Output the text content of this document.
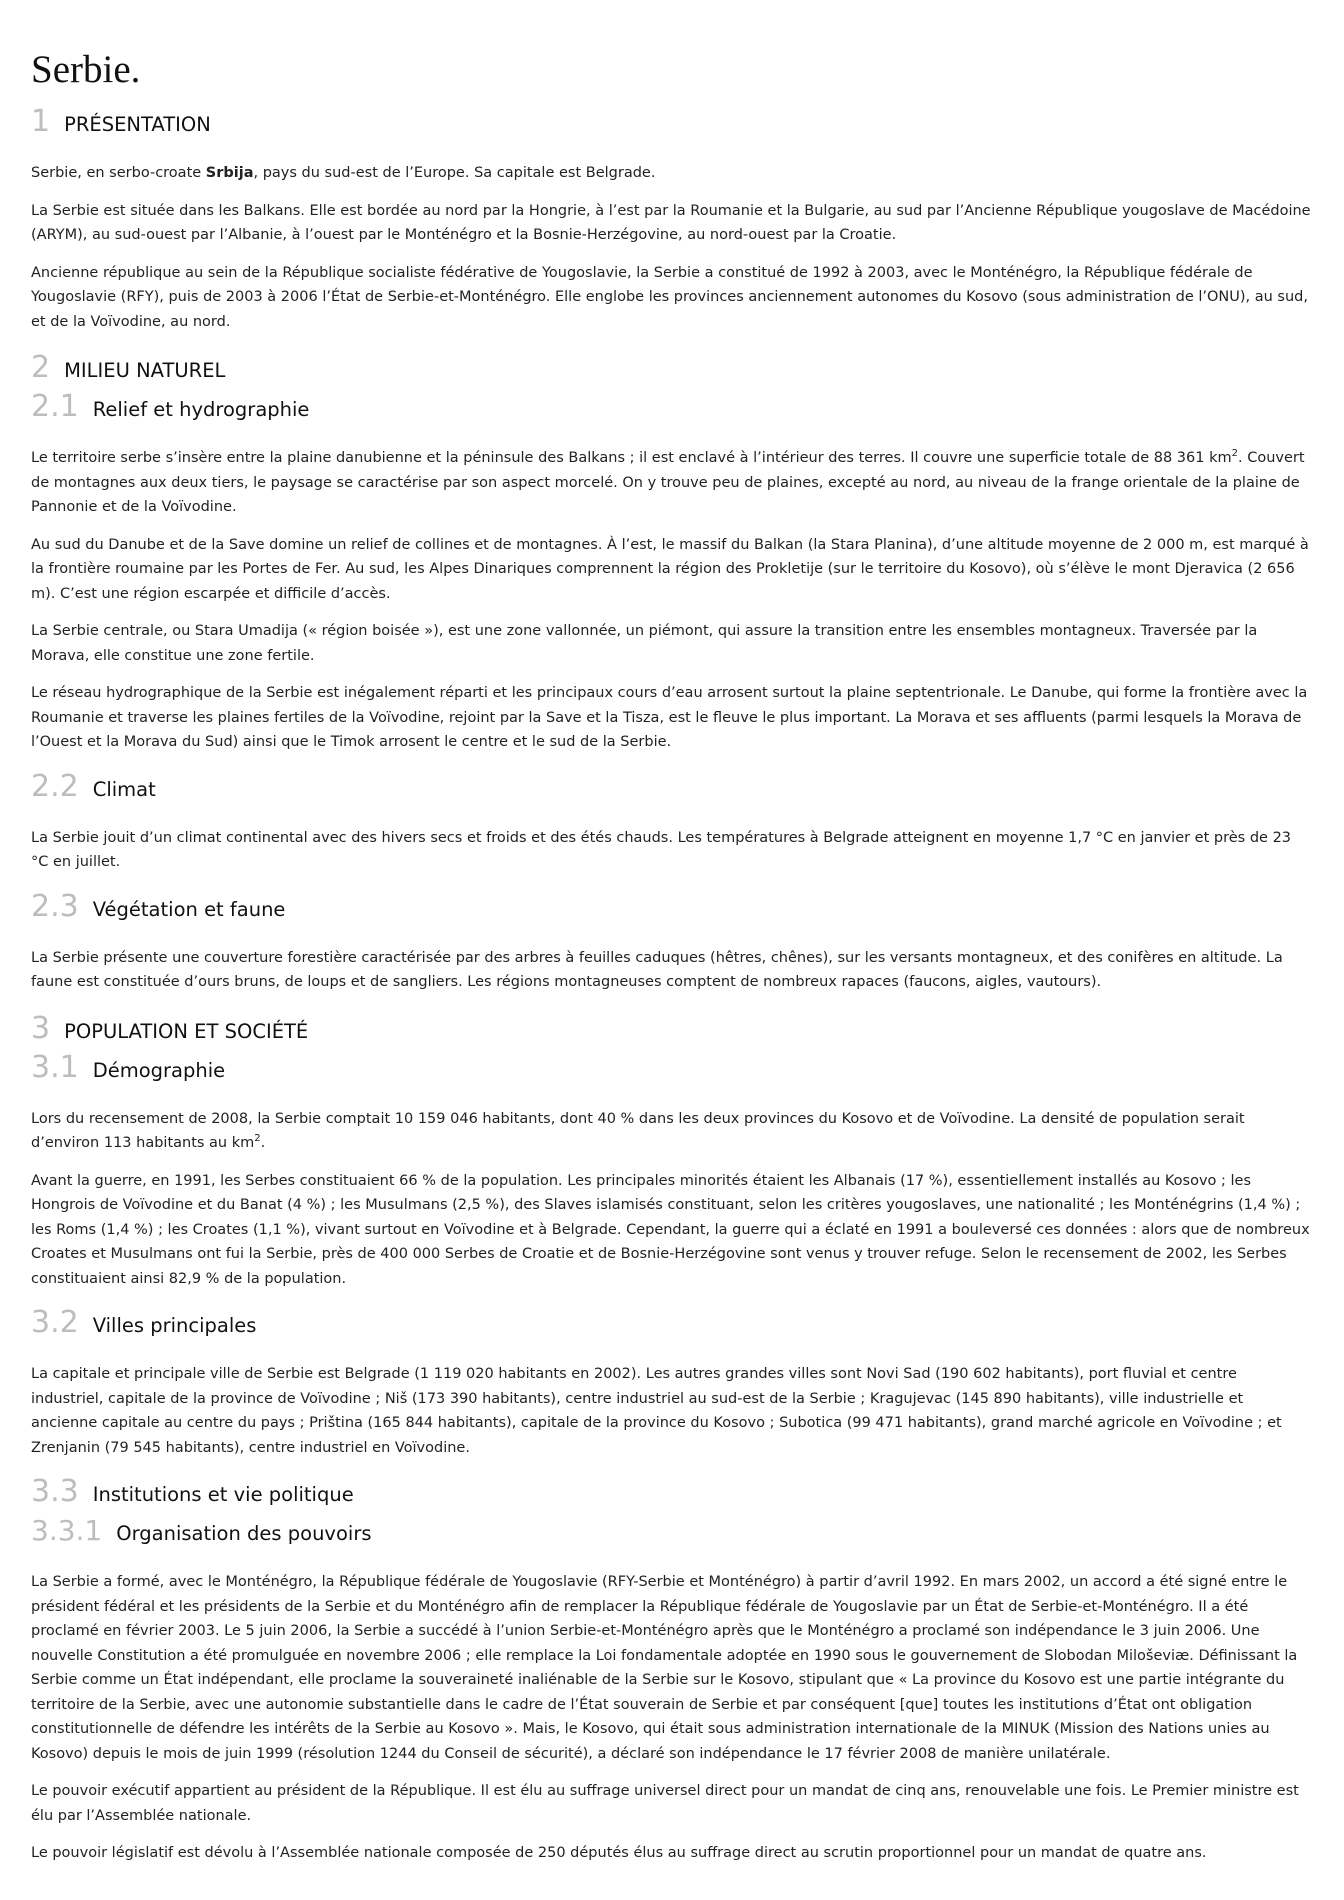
Serbie.
1 PRÉSENTATION

Serbie, en serbo-croate Srbija, pays du sud-est de l’Europe. Sa capitale est Belgrade.

La Serbie est située dans les Balkans. Elle est bordée au nord par la Hongrie, à l’est par la Roumanie et la Bulgarie, au sud par l’Ancienne République yougoslave de Macédoine (ARYM), au sud-ouest par l’Albanie, à l’ouest par le Monténégro et la Bosnie-Herzégovine, au nord-ouest par la Croatie.

Ancienne république au sein de la République socialiste fédérative de Yougoslavie, la Serbie a constitué de 1992 à 2003, avec le Monténégro, la République fédérale de Yougoslavie (RFY), puis de 2003 à 2006 l’État de Serbie-et-Monténégro. Elle englobe les provinces anciennement autonomes du Kosovo (sous administration de l’ONU), au sud, et de la Voïvodine, au nord.

2 MILIEU NATUREL
2.1 Relief et hydrographie

Le territoire serbe s’insère entre la plaine danubienne et la péninsule des Balkans ; il est enclavé à l’intérieur des terres. Il couvre une superficie totale de 88 361 $km^2$. Couvert de montagnes aux deux tiers, le paysage se caractérise par son aspect morcelé. On y trouve peu de plaines, excepté au nord, au niveau de la frange orientale de la plaine de Pannonie et de la Voïvodine.

Au sud du Danube et de la Save domine un relief de collines et de montagnes. À l’est, le massif du Balkan (la Stara Planina), d’une altitude moyenne de 2 000 m, est marqué à la frontière roumaine par les Portes de Fer. Au sud, les Alpes Dinariques comprennent la région des Prokletije (sur le territoire du Kosovo), où s’élève le mont Djeravica (2 656 m). C’est une région escarpée et difficile d’accès.

La Serbie centrale, ou Stara Umadija (« région boisée »), est une zone vallonnée, un piémont, qui assure la transition entre les ensembles montagneux. Traversée par la Morava, elle constitue une zone fertile.

Le réseau hydrographique de la Serbie est inégalement réparti et les principaux cours d’eau arrosent surtout la plaine septentrionale. Le Danube, qui forme la frontière avec la Roumanie et traverse les plaines fertiles de la Voïvodine, rejoint par la Save et la Tisza, est le fleuve le plus important. La Morava et ses affluents (parmi lesquels la Morava de l’Ouest et la Morava du Sud) ainsi que le Timok arrosent le centre et le sud de la Serbie.

2.2 Climat

La Serbie jouit d’un climat continental avec des hivers secs et froids et des étés chauds. Les températures à Belgrade atteignent en moyenne 1,7 °C en janvier et près de 23 °C en juillet.

2.3 Végétation et faune

La Serbie présente une couverture forestière caractérisée par des arbres à feuilles caduques (hêtres, chênes), sur les versants montagneux, et des conifères en altitude. La faune est constituée d’ours bruns, de loups et de sangliers. Les régions montagneuses comptent de nombreux rapaces (faucons, aigles, vautours).

3 POPULATION ET SOCIÉTÉ
3.1 Démographie

Lors du recensement de 2008, la Serbie comptait 10 159 046 habitants, dont 40 % dans les deux provinces du Kosovo et de Voïvodine. La densité de population serait d’environ 113 habitants au $km^2$.

Avant la guerre, en 1991, les Serbes constituaient 66 % de la population. Les principales minorités étaient les Albanais (17 %), essentiellement installés au Kosovo ; les Hongrois de Voïvodine et du Banat (4 %) ; les Musulmans (2,5 %), des Slaves islamisés constituant, selon les critères yougoslaves, une nationalité ; les Monténégrins (1,4 %) ; les Roms (1,4 %) ; les Croates (1,1 %), vivant surtout en Voïvodine et à Belgrade. Cependant, la guerre qui a éclaté en 1991 a bouleversé ces données : alors que de nombreux Croates et Musulmans ont fui la Serbie, près de 400 000 Serbes de Croatie et de Bosnie-Herzégovine sont venus y trouver refuge. Selon le recensement de 2002, les Serbes constituaient ainsi 82,9 % de la population.

3.2 Villes principales

La capitale et principale ville de Serbie est Belgrade (1 119 020 habitants en 2002). Les autres grandes villes sont Novi Sad (190 602 habitants), port fluvial et centre industriel, capitale de la province de Voïvodine ; Niš (173 390 habitants), centre industriel au sud-est de la Serbie ; Kragujevac (145 890 habitants), ville industrielle et ancienne capitale au centre du pays ; Priština (165 844 habitants), capitale de la province du Kosovo ; Subotica (99 471 habitants), grand marché agricole en Voïvodine ; et Zrenjanin (79 545 habitants), centre industriel en Voïvodine.

3.3 Institutions et vie politique
3.3.1 Organisation des pouvoirs

La Serbie a formé, avec le Monténégro, la République fédérale de Yougoslavie (RFY-Serbie et Monténégro) à partir d’avril 1992. En mars 2002, un accord a été signé entre le président fédéral et les présidents de la Serbie et du Monténégro afin de remplacer la République fédérale de Yougoslavie par un État de Serbie-et-Monténégro. Il a été proclamé en février 2003. Le 5 juin 2006, la Serbie a succédé à l’union Serbie-et-Monténégro après que le Monténégro a proclamé son indépendance le 3 juin 2006. Une nouvelle Constitution a été promulguée en novembre 2006 ; elle remplace la Loi fondamentale adoptée en 1990 sous le gouvernement de Slobodan Miloševiæ. Définissant la Serbie comme un État indépendant, elle proclame la souveraineté inaliénable de la Serbie sur le Kosovo, stipulant que « La province du Kosovo est une partie intégrante du territoire de la Serbie, avec une autonomie substantielle dans le cadre de l’État souverain de Serbie et par conséquent [que] toutes les institutions d’État ont obligation constitutionnelle de défendre les intérêts de la Serbie au Kosovo ». Mais, le Kosovo, qui était sous administration internationale de la MINUK (Mission des Nations unies au Kosovo) depuis le mois de juin 1999 (résolution 1244 du Conseil de sécurité), a déclaré son indépendance le 17 février 2008 de manière unilatérale.

Le pouvoir exécutif appartient au président de la République. Il est élu au suffrage universel direct pour un mandat de cinq ans, renouvelable une fois. Le Premier ministre est élu par l’Assemblée nationale.

Le pouvoir législatif est dévolu à l’Assemblée nationale composée de 250 députés élus au suffrage direct au scrutin proportionnel pour un mandat de quatre ans.
